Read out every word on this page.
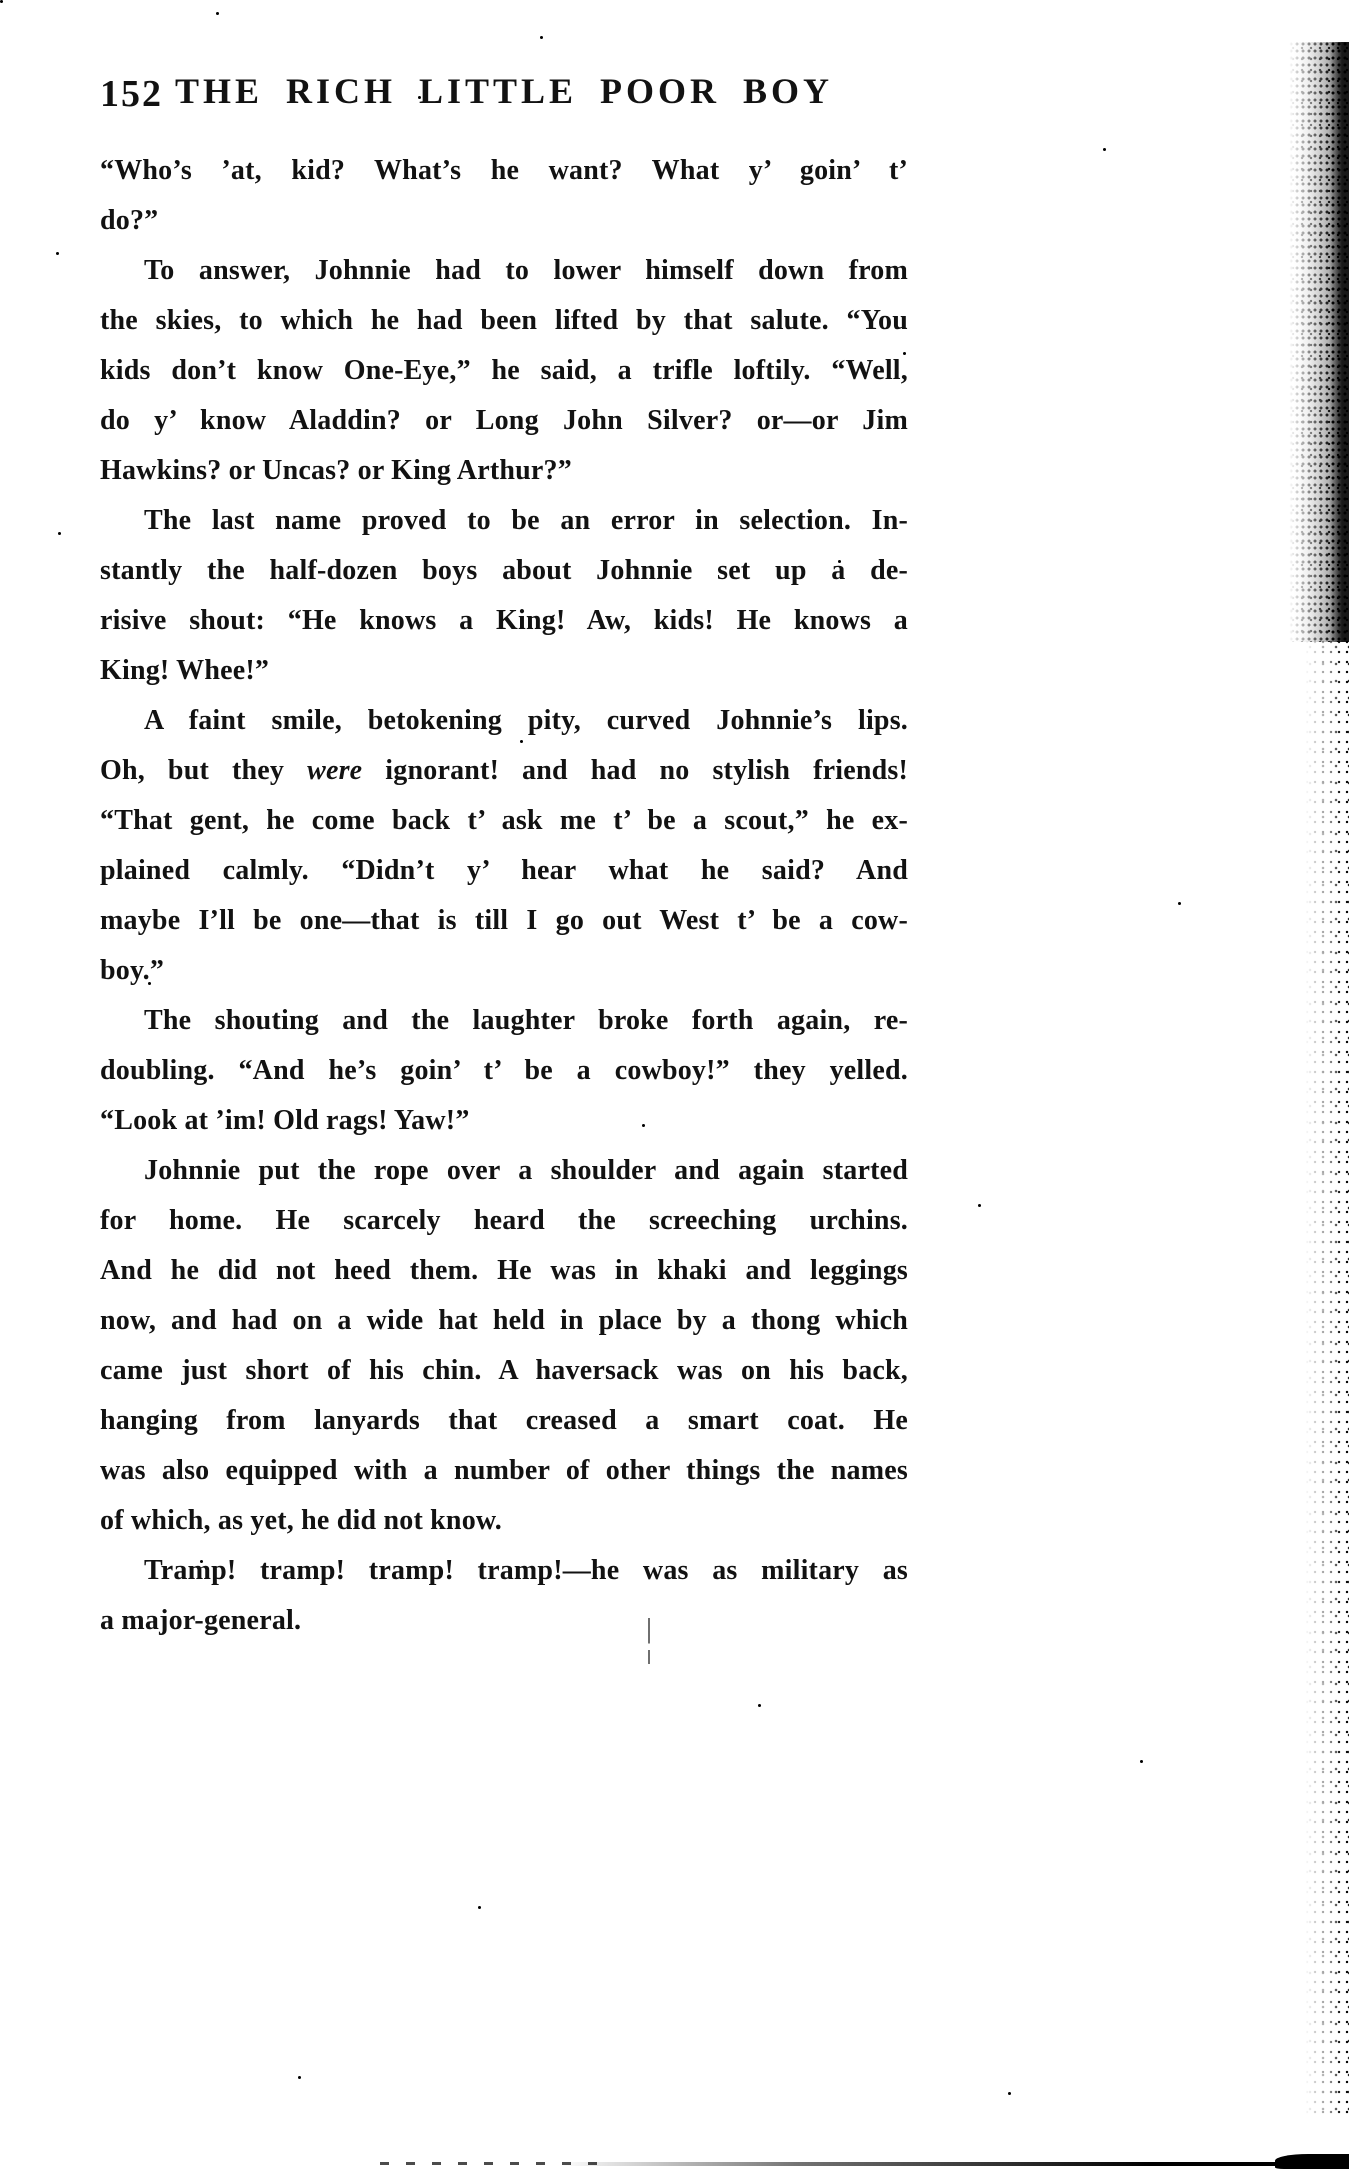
152 THE RICH LITTLE POOR BOY
“Who’s ’at, kid? What’s he want? What y’ goin’ t’
do?”
To answer, Johnnie had to lower himself down from
the skies, to which he had been lifted by that salute. “You
kids don’t know One-Eye,” he said, a trifle loftily. “Well,
do y’ know Aladdin? or Long John Silver? or—or Jim
Hawkins? or Uncas? or King Arthur?”
The last name proved to be an error in selection. In-
stantly the half-dozen boys about Johnnie set up a de-
risive shout: “He knows a King! Aw, kids! He knows a
King! Whee!”
A faint smile, betokening pity, curved Johnnie’s lips.
Oh, but they were ignorant! and had no stylish friends!
“That gent, he come back t’ ask me t’ be a scout,” he ex-
plained calmly. “Didn’t y’ hear what he said? And
maybe I’ll be one—that is till I go out West t’ be a cow-
boy.”
The shouting and the laughter broke forth again, re-
doubling. “And he’s goin’ t’ be a cowboy!” they yelled.
“Look at ’im! Old rags! Yaw!”
Johnnie put the rope over a shoulder and again started
for home. He scarcely heard the screeching urchins.
And he did not heed them. He was in khaki and leggings
now, and had on a wide hat held in place by a thong which
came just short of his chin. A haversack was on his back,
hanging from lanyards that creased a smart coat. He
was also equipped with a number of other things the names
of which, as yet, he did not know.
Tramp! tramp! tramp! tramp!—he was as military as
a major-general.
